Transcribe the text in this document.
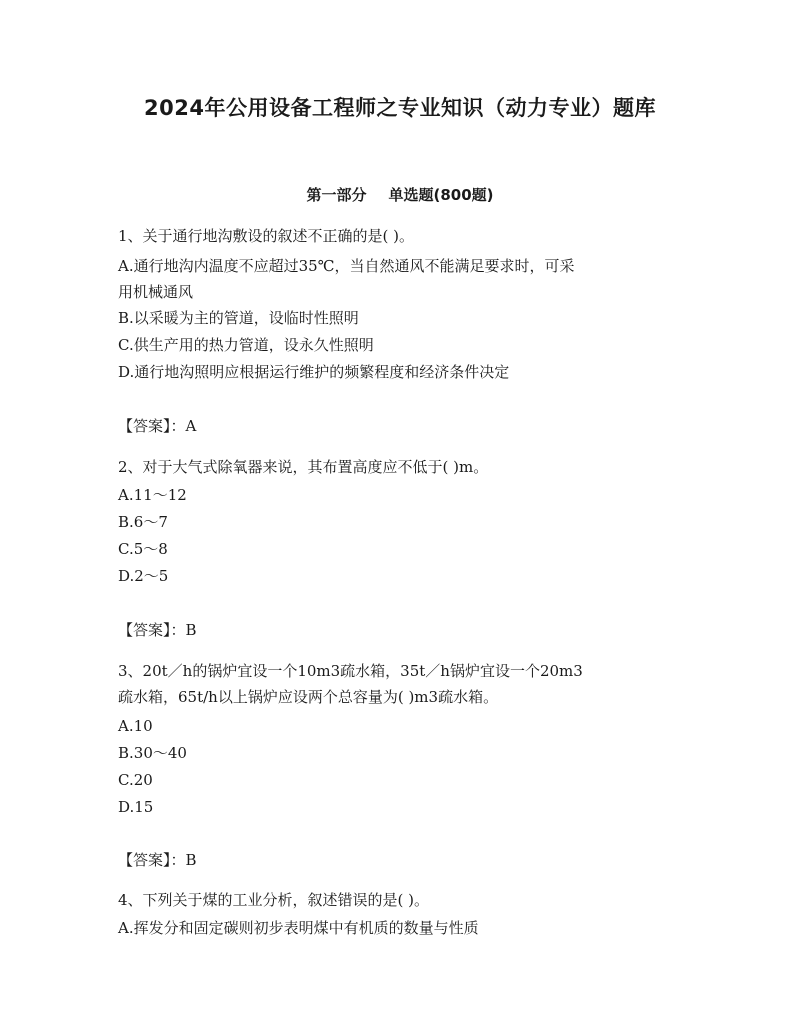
2024年公用设备工程师之专业知识（动力专业）题库
第一部分 单选题(800题)
1、关于通行地沟敷设的叙述不正确的是( )。
A.通行地沟内温度不应超过35℃，当自然通风不能满足要求时，可采
用机械通风
B.以采暖为主的管道，设临时性照明
C.供生产用的热力管道，设永久性照明
D.通行地沟照明应根据运行维护的频繁程度和经济条件决定
【答案】：A
2、对于大气式除氧器来说，其布置高度应不低于( )m。
A.11～12
B.6～7
C.5～8
D.2～5
【答案】：B
3、20t／h的锅炉宜设一个10m3疏水箱，35t／h锅炉宜设一个20m3
疏水箱，65t/h以上锅炉应设两个总容量为( )m3疏水箱。
A.10
B.30～40
C.20
D.15
【答案】：B
4、下列关于煤的工业分析，叙述错误的是( )。
A.挥发分和固定碳则初步表明煤中有机质的数量与性质
